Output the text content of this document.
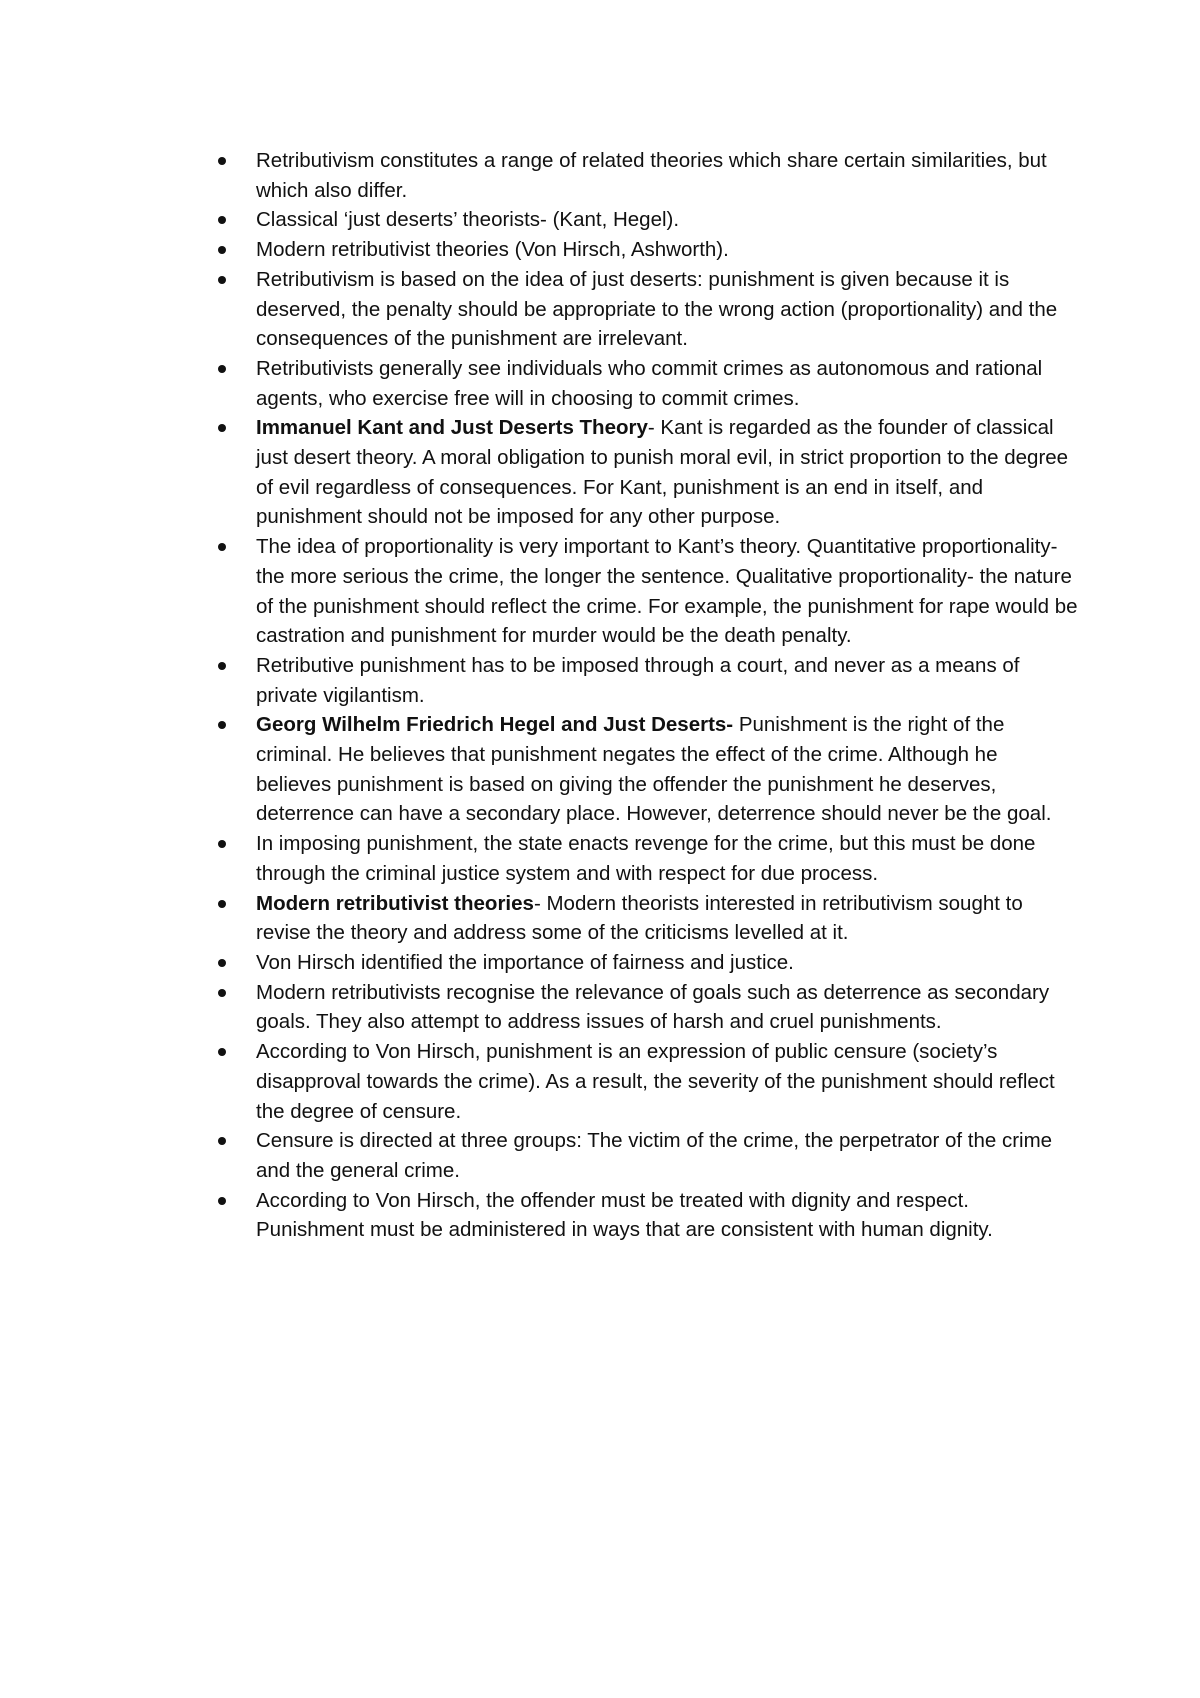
Retributivism constitutes a range of related theories which share certain similarities, but which also differ.
Classical ‘just deserts’ theorists- (Kant, Hegel).
Modern retributivist theories (Von Hirsch, Ashworth).
Retributivism is based on the idea of just deserts: punishment is given because it is deserved, the penalty should be appropriate to the wrong action (proportionality) and the consequences of the punishment are irrelevant.
Retributivists generally see individuals who commit crimes as autonomous and rational agents, who exercise free will in choosing to commit crimes.
Immanuel Kant and Just Deserts Theory- Kant is regarded as the founder of classical just desert theory. A moral obligation to punish moral evil, in strict proportion to the degree of evil regardless of consequences. For Kant, punishment is an end in itself, and punishment should not be imposed for any other purpose.
The idea of proportionality is very important to Kant’s theory. Quantitative proportionality- the more serious the crime, the longer the sentence. Qualitative proportionality- the nature of the punishment should reflect the crime. For example, the punishment for rape would be castration and punishment for murder would be the death penalty.
Retributive punishment has to be imposed through a court, and never as a means of private vigilantism.
Georg Wilhelm Friedrich Hegel and Just Deserts- Punishment is the right of the criminal. He believes that punishment negates the effect of the crime. Although he believes punishment is based on giving the offender the punishment he deserves, deterrence can have a secondary place. However, deterrence should never be the goal.
In imposing punishment, the state enacts revenge for the crime, but this must be done through the criminal justice system and with respect for due process.
Modern retributivist theories- Modern theorists interested in retributivism sought to revise the theory and address some of the criticisms levelled at it.
Von Hirsch identified the importance of fairness and justice.
Modern retributivists recognise the relevance of goals such as deterrence as secondary goals. They also attempt to address issues of harsh and cruel punishments.
According to Von Hirsch, punishment is an expression of public censure (society’s disapproval towards the crime). As a result, the severity of the punishment should reflect the degree of censure.
Censure is directed at three groups: The victim of the crime, the perpetrator of the crime and the general crime.
According to Von Hirsch, the offender must be treated with dignity and respect. Punishment must be administered in ways that are consistent with human dignity.
